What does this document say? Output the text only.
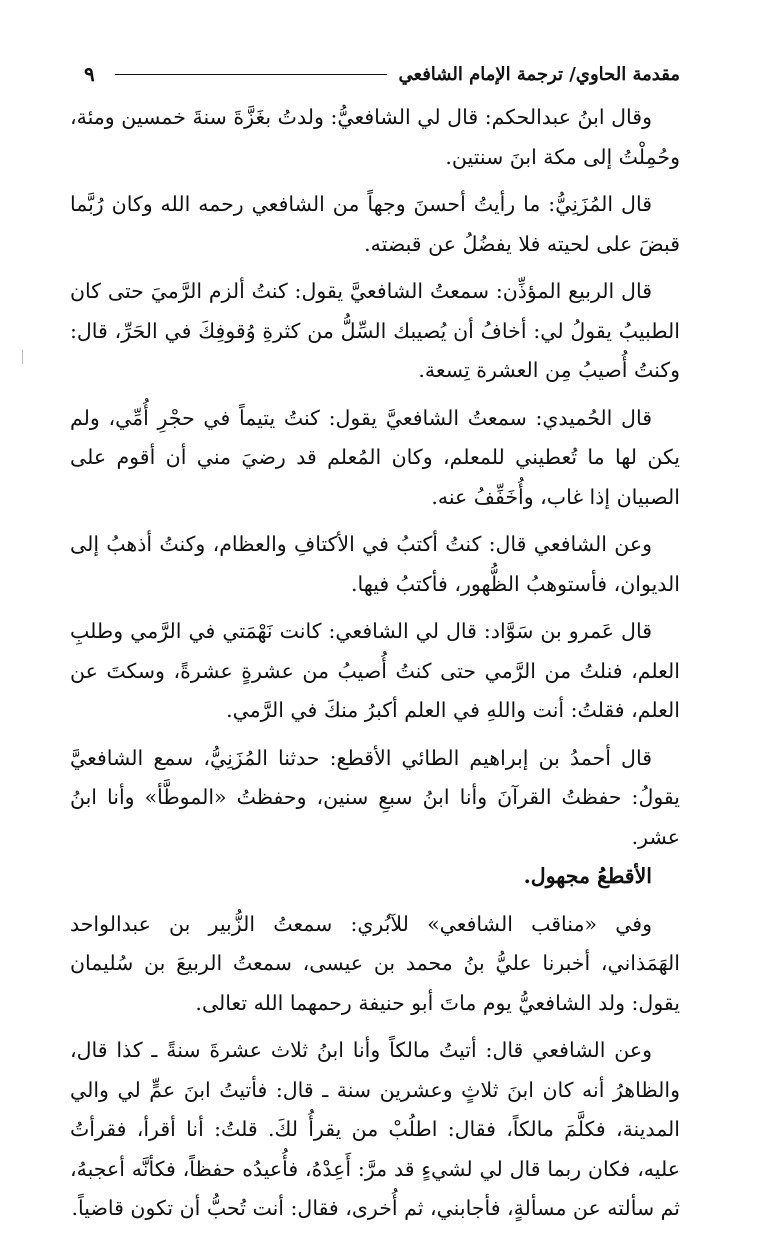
مقدمة الحاوي/ ترجمة الإمام الشافعي
٩

وقال ابنُ عبدالحكم: قال لي الشافعيُّ: ولدتُ بغَزَّةَ سنةَ خمسين ومئة، وحُمِلْتُ إلى مكة ابنَ سنتين.

قال المُزَنِيُّ: ما رأيتُ أحسنَ وجهاً من الشافعي رحمه الله وكان رُبَّما قبضَ على لحيته فلا يفضُلُ عن قبضته.

قال الربيع المؤذِّن: سمعتُ الشافعيَّ يقول: كنتُ ألزم الرَّميَ حتى كان الطبيبُ يقولُ لي: أخافُ أن يُصيبك السِّلُّ من كثرةِ وُقوفِكَ في الحَرِّ، قال: وكنتُ أُصيبُ مِن العشرة تِسعة.

قال الحُميدي: سمعتُ الشافعيَّ يقول: كنتُ يتيماً في حجْرِ أُمِّي، ولم يكن لها ما تُعطيني للمعلم، وكان المُعلم قد رضيَ مني أن أقوم على الصبيان إذا غاب، وأُخَفِّفُ عنه.

وعن الشافعي قال: كنتُ أكتبُ في الأكتافِ والعظام، وكنتُ أذهبُ إلى الديوان، فأستوهبُ الظُّهور، فأكتبُ فيها.

قال عَمرو بن سَوَّاد: قال لي الشافعي: كانت نَهْمَتي في الرَّمي وطلبِ العلم، فنلتُ من الرَّمي حتى كنتُ أُصيبُ من عشرةٍ عشرةً، وسكتَ عن العلم، فقلتُ: أنت واللهِ في العلم أكبرُ منكَ في الرَّمي.

قال أحمدُ بن إبراهيم الطائي الأقطع: حدثنا المُزَنِيُّ، سمع الشافعيَّ يقولُ: حفظتُ القرآنَ وأنا ابنُ سبعِ سنين، وحفظتُ «الموطَّأ» وأنا ابنُ عشر.

الأقطعُ مجهول.

وفي «مناقب الشافعي» للآبُري: سمعتُ الزُّبير بن عبدالواحد الهَمَذاني، أخبرنا عليُّ بنُ محمد بن عيسى، سمعتُ الربيعَ بن سُليمان يقول: ولد الشافعيُّ يوم ماتَ أبو حنيفة رحمهما الله تعالى.

وعن الشافعي قال: أتيتُ مالكاً وأنا ابنُ ثلاث عشرةَ سنةً ـ كذا قال، والظاهرُ أنه كان ابنَ ثلاثٍ وعشرين سنة ـ قال: فأتيتُ ابنَ عمٍّ لي والي المدينة، فكلَّمَ مالكاً، فقال: اطلُبْ من يقرأُ لكَ. قلتُ: أنا أقرأ، فقرأتُ عليه، فكان ربما قال لي لشيءٍ قد مرَّ: أَعِدْهُ، فأُعيدُه حفظاً، فكأنَّه أعجبهُ، ثم سألته عن مسألةٍ، فأجابني، ثم أُخرى، فقال: أنت تُحبُّ أن تكون قاضياً.
